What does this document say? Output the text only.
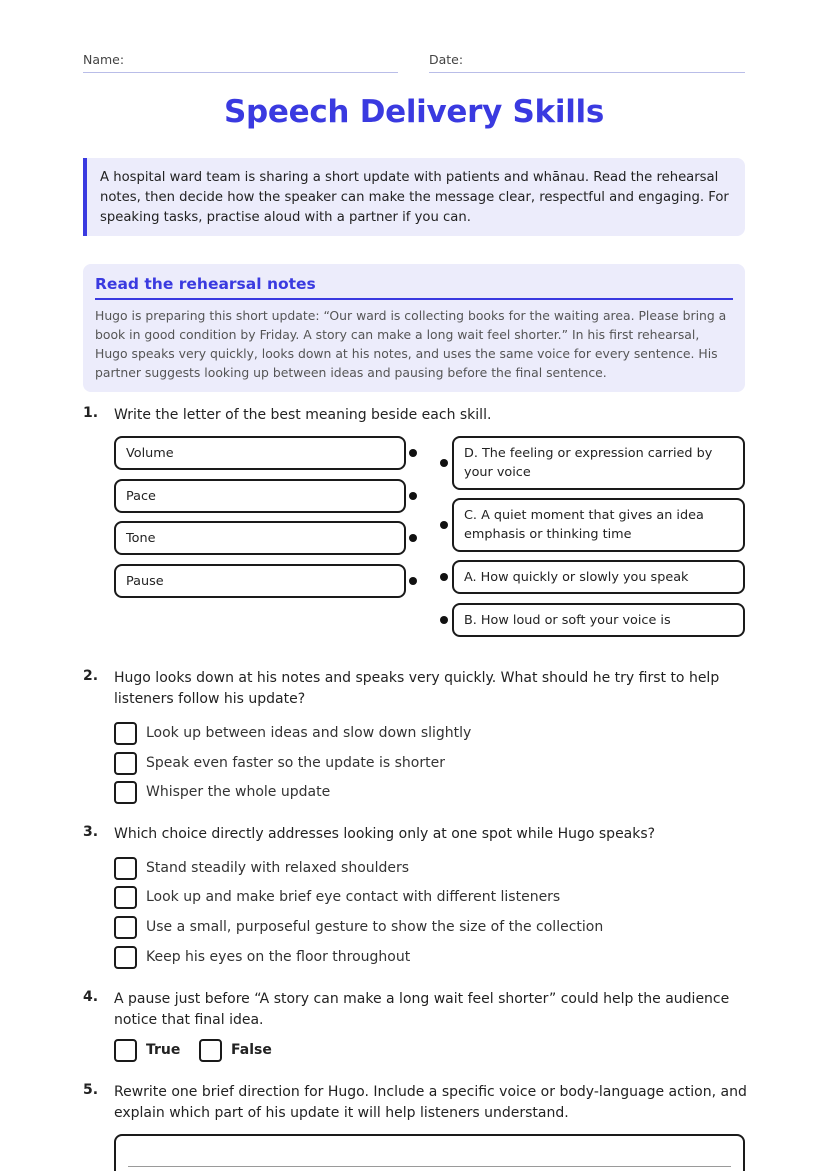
Name:	Date:
Speech Delivery Skills
A hospital ward team is sharing a short update with patients and whānau. Read the rehearsal notes, then decide how the speaker can make the message clear, respectful and engaging. For speaking tasks, practise aloud with a partner if you can.
Read the rehearsal notes
Hugo is preparing this short update: “Our ward is collecting books for the waiting area. Please bring a book in good condition by Friday. A story can make a long wait feel shorter.” In his first rehearsal, Hugo speaks very quickly, looks down at his notes, and uses the same voice for every sentence. His partner suggests looking up between ideas and pausing before the final sentence.
1. Write the letter of the best meaning beside each skill.
Volume
Pace
Tone
Pause
D. The feeling or expression carried by your voice
C. A quiet moment that gives an idea emphasis or thinking time
A. How quickly or slowly you speak
B. How loud or soft your voice is
2. Hugo looks down at his notes and speaks very quickly. What should he try first to help listeners follow his update?
Look up between ideas and slow down slightly
Speak even faster so the update is shorter
Whisper the whole update
3. Which choice directly addresses looking only at one spot while Hugo speaks?
Stand steadily with relaxed shoulders
Look up and make brief eye contact with different listeners
Use a small, purposeful gesture to show the size of the collection
Keep his eyes on the floor throughout
4. A pause just before “A story can make a long wait feel shorter” could help the audience notice that final idea.
True	False
5. Rewrite one brief direction for Hugo. Include a specific voice or body-language action, and explain which part of his update it will help listeners understand.
